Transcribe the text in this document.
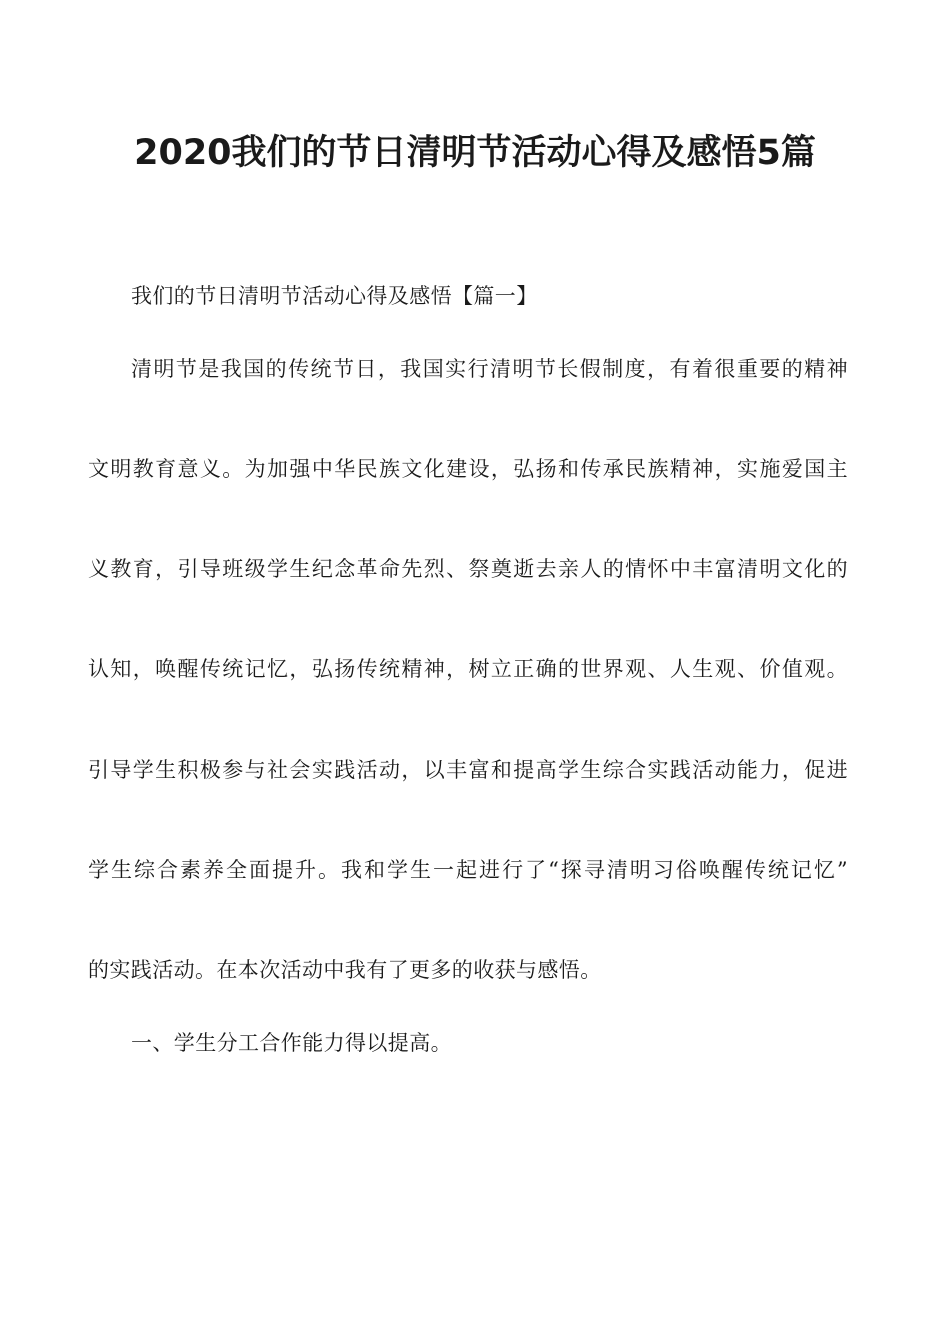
2020我们的节日清明节活动心得及感悟5篇
我们的节日清明节活动心得及感悟【篇一】
清明节是我国的传统节日，我国实行清明节长假制度，有着很重要的精神
文明教育意义。为加强中华民族文化建设，弘扬和传承民族精神，实施爱国主
义教育，引导班级学生纪念革命先烈、祭奠逝去亲人的情怀中丰富清明文化的
认知，唤醒传统记忆，弘扬传统精神，树立正确的世界观、人生观、价值观。
引导学生积极参与社会实践活动，以丰富和提高学生综合实践活动能力，促进
学生综合素养全面提升。我和学生一起进行了“探寻清明习俗唤醒传统记忆”
的实践活动。在本次活动中我有了更多的收获与感悟。
一、学生分工合作能力得以提高。
